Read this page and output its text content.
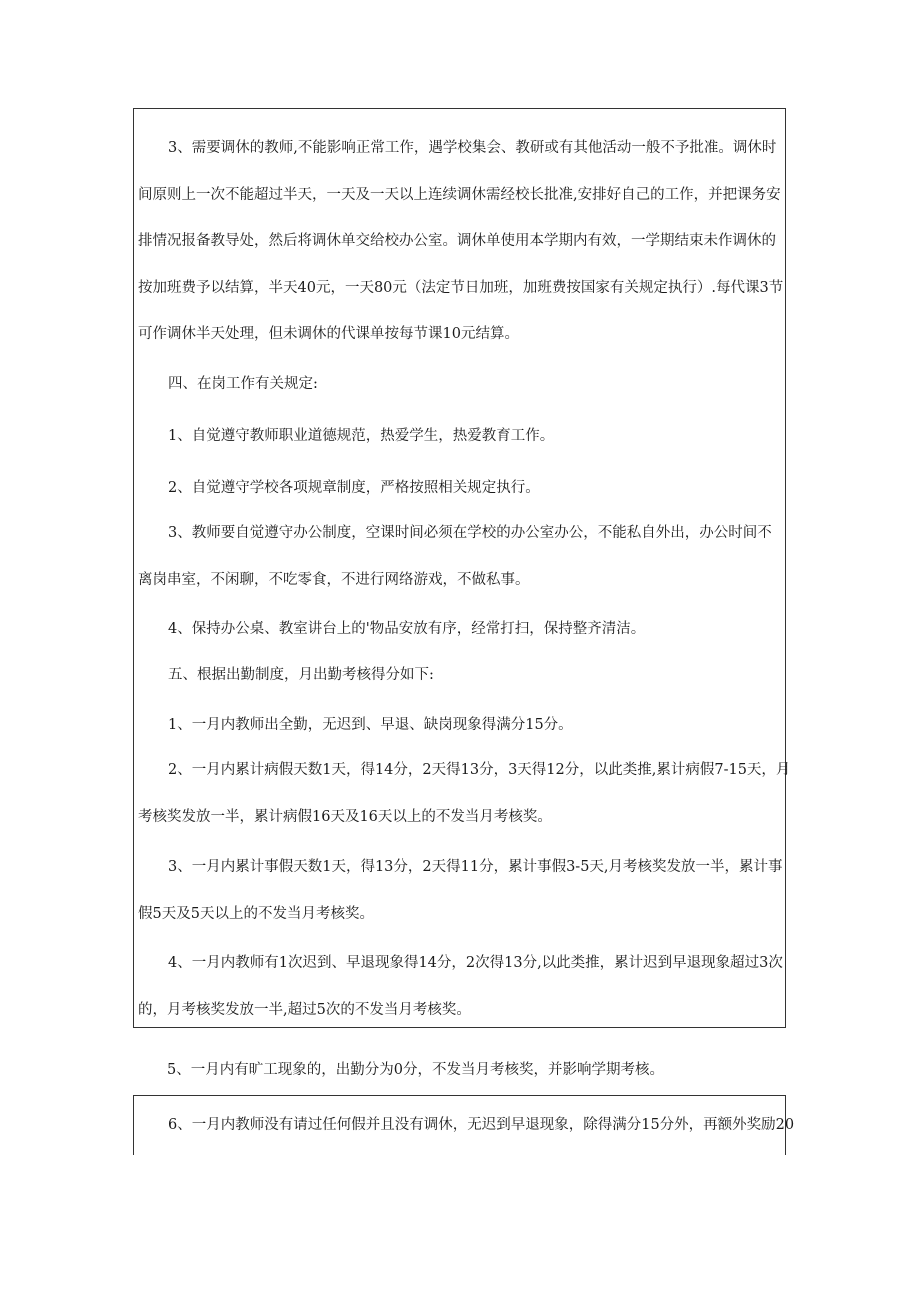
3、需要调休的教师,不能影响正常工作，遇学校集会、教研或有其他活动一般不予批准。调休时
间原则上一次不能超过半天，一天及一天以上连续调休需经校长批准,安排好自己的工作，并把课务安
排情况报备教导处，然后将调休单交给校办公室。调休单使用本学期内有效，一学期结束未作调休的
按加班费予以结算，半天40元，一天80元（法定节日加班，加班费按国家有关规定执行）.每代课3节
可作调休半天处理，但未调休的代课单按每节课10元结算。
四、在岗工作有关规定:
1、自觉遵守教师职业道德规范，热爱学生，热爱教育工作。
2、自觉遵守学校各项规章制度，严格按照相关规定执行。
3、教师要自觉遵守办公制度，空课时间必须在学校的办公室办公，不能私自外出，办公时间不
离岗串室，不闲聊，不吃零食，不进行网络游戏，不做私事。
4、保持办公桌、教室讲台上的'物品安放有序，经常打扫，保持整齐清洁。
五、根据出勤制度，月出勤考核得分如下:
1、一月内教师出全勤，无迟到、早退、缺岗现象得满分15分。
2、一月内累计病假天数1天，得14分，2天得13分，3天得12分，以此类推,累计病假7-15天，月
考核奖发放一半，累计病假16天及16天以上的不发当月考核奖。
3、一月内累计事假天数1天，得13分，2天得11分，累计事假3-5天,月考核奖发放一半，累计事
假5天及5天以上的不发当月考核奖。
4、一月内教师有1次迟到、早退现象得14分，2次得13分,以此类推，累计迟到早退现象超过3次
的，月考核奖发放一半,超过5次的不发当月考核奖。

5、一月内有旷工现象的，出勤分为0分，不发当月考核奖，并影响学期考核。

6、一月内教师没有请过任何假并且没有调休，无迟到早退现象，除得满分15分外，再额外奖励20
